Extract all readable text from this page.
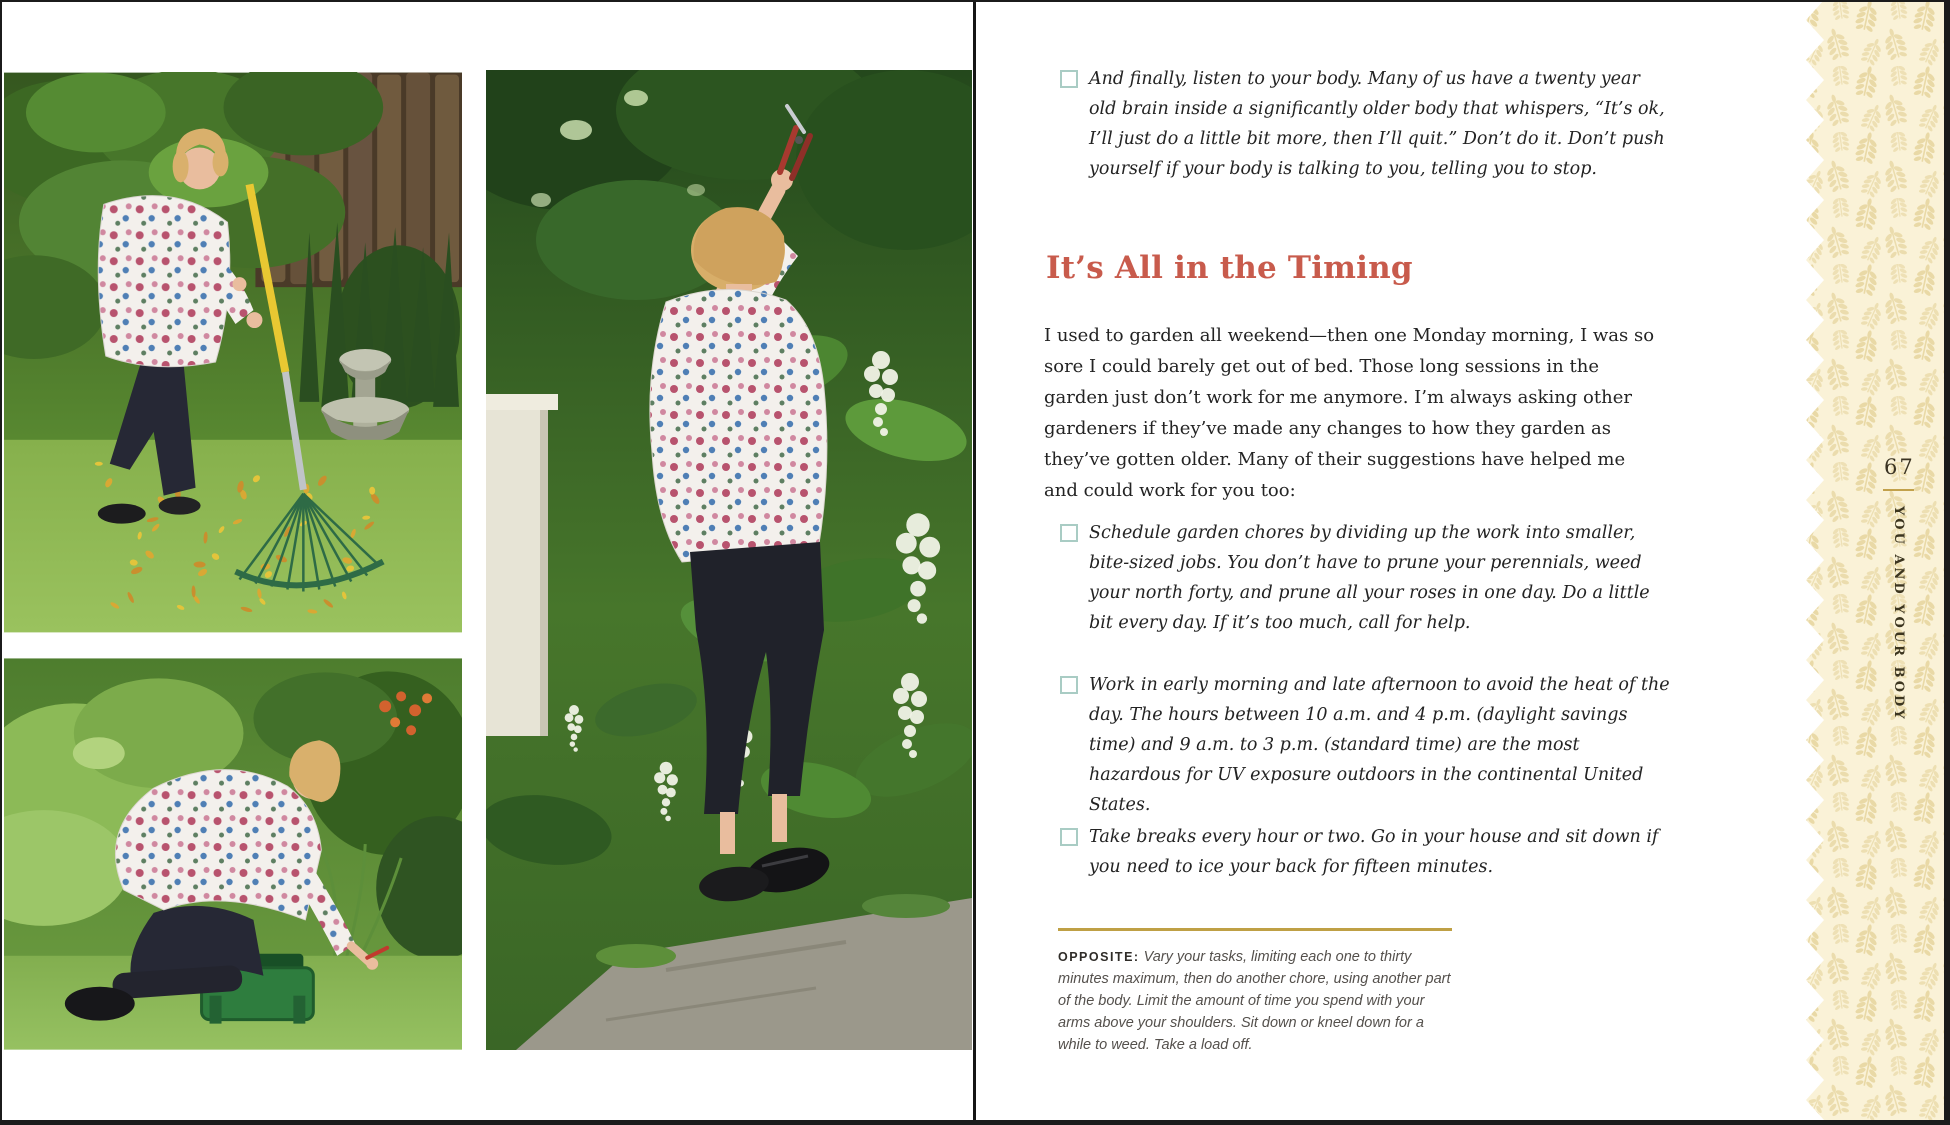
And finally, listen to your body. Many of us have a twenty year old brain inside a significantly older body that whispers, “It’s ok, I’ll just do a little bit more, then I’ll quit.” Don’t do it. Don’t push yourself if your body is talking to you, telling you to stop.
It’s All in the Timing

I used to garden all weekend—then one Monday morning, I was so sore I could barely get out of bed. Those long sessions in the garden just don’t work for me anymore. I’m always asking other gardeners if they’ve made any changes to how they garden as they’ve gotten older. Many of their suggestions have helped me and could work for you too:

Schedule garden chores by dividing up the work into smaller, bite-sized jobs. You don’t have to prune your perennials, weed your north forty, and prune all your roses in one day. Do a little bit every day. If it’s too much, call for help.
Work in early morning and late afternoon to avoid the heat of the day. The hours between 10 a.m. and 4 p.m. (daylight savings time) and 9 a.m. to 3 p.m. (standard time) are the most hazardous for UV exposure outdoors in the continental United States.
Take breaks every hour or two. Go in your house and sit down if you need to ice your back for fifteen minutes.
OPPOSITE: Vary your tasks, limiting each one to thirty minutes maximum, then do another chore, using another part of the body. Limit the amount of time you spend with your arms above your shoulders. Sit down or kneel down for a while to weed. Take a load off.
67
YOU AND YOUR BODY
